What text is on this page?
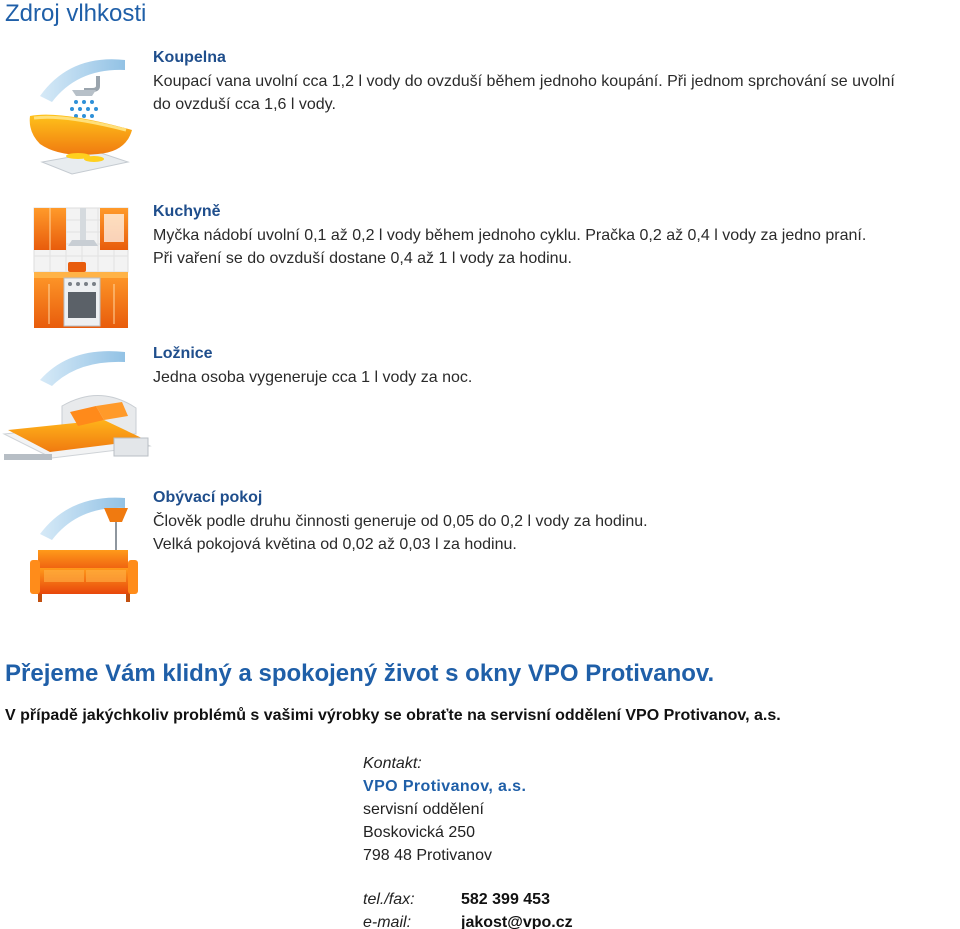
Zdroj vlhkosti
Koupelna
Koupací vana uvolní cca 1,2 l vody do ovzduší během jednoho koupání. Při jednom sprchování se uvolní
do ovzduší cca 1,6 l vody.
Kuchyně
Myčka nádobí uvolní 0,1 až 0,2 l vody během jednoho cyklu. Pračka 0,2 až 0,4 l vody za jedno praní.
Při vaření se do ovzduší dostane 0,4 až 1 l vody za hodinu.
Ložnice
Jedna osoba vygeneruje cca 1 l vody za noc.
Obývací pokoj
Člověk podle druhu činnosti generuje od 0,05 do 0,2 l vody za hodinu.
Velká pokojová květina od 0,02 až 0,03 l za hodinu.
Přejeme Vám klidný a spokojený život s okny VPO Protivanov.
V případě jakýchkoliv problémů s vašimi výrobky se obraťte na servisní oddělení VPO Protivanov, a.s.
Kontakt:
VPO Protivanov, a.s.
servisní oddělení
Boskovická 250
798 48 Protivanov
tel./fax:	582 399 453
e-mail:	jakost@vpo.cz
